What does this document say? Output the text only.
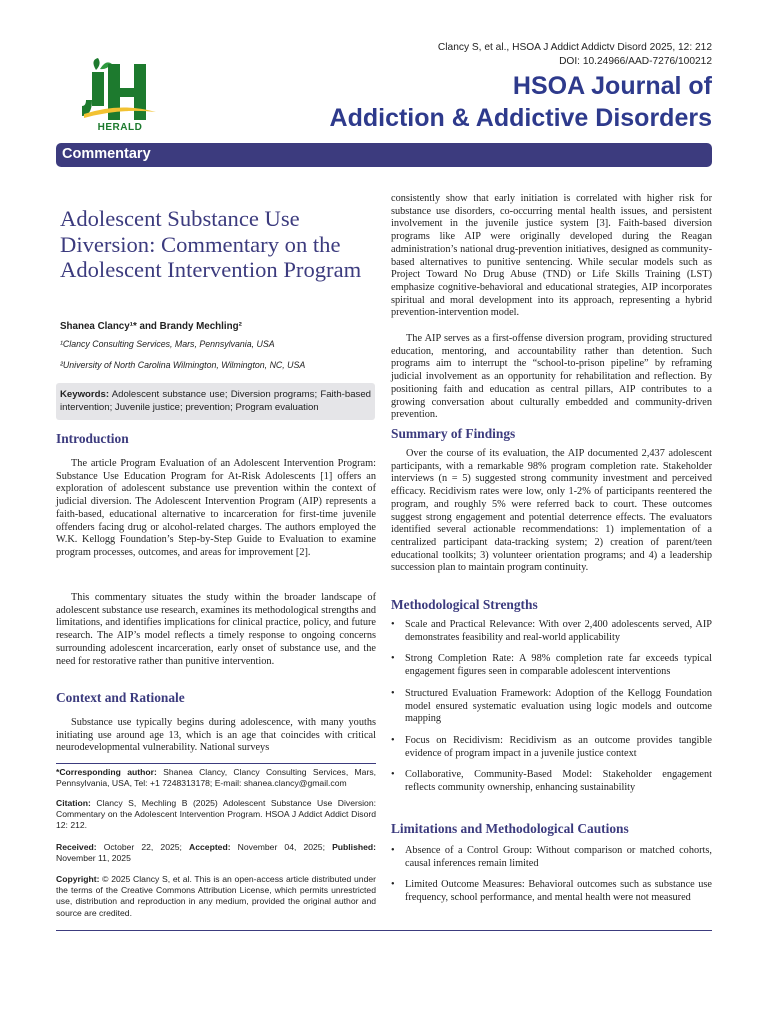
HERALD
Clancy S, et al., HSOA J Addict Addictv Disord 2025, 12: 212
DOI: 10.24966/AAD-7276/100212
HSOA Journal of
Addiction & Addictive Disorders
Commentary
Adolescent Substance Use Diversion: Commentary on the Adolescent Intervention Program
Shanea Clancy¹* and Brandy Mechling²
¹Clancy Consulting Services, Mars, Pennsylvania, USA
²University of North Carolina Wilmington, Wilmington, NC, USA
Keywords: Adolescent substance use; Diversion programs; Faith-based intervention; Juvenile justice; prevention; Program evaluation
Introduction

The article Program Evaluation of an Adolescent Intervention Program: Substance Use Education Program for At-Risk Adolescents [1] offers an exploration of adolescent substance use prevention within the context of judicial diversion. The Adolescent Intervention Program (AIP) represents a faith-based, educational alternative to incarceration for first-time juvenile offenders facing drug or alcohol-related charges. The authors employed the W.K. Kellogg Foundation’s Step-by-Step Guide to Evaluation to examine program processes, outcomes, and areas for improvement [2].

This commentary situates the study within the broader landscape of adolescent substance use research, examines its methodological strengths and limitations, and identifies implications for clinical practice, policy, and future research. The AIP’s model reflects a timely response to ongoing concerns surrounding adolescent incarceration, early onset of substance use, and the need for restorative rather than punitive intervention.

Context and Rationale

Substance use typically begins during adolescence, with many youths initiating use around age 13, which is an age that coincides with critical neurodevelopmental vulnerability. National surveys

*Corresponding author: Shanea Clancy, Clancy Consulting Services, Mars, Pennsylvania, USA, Tel: +1 7248313178; E-mail: shanea.clancy@gmail.com

Citation: Clancy S, Mechling B (2025) Adolescent Substance Use Diversion: Commentary on the Adolescent Intervention Program. HSOA J Addict Addict Disord 12: 212.

Received: October 22, 2025; Accepted: November 04, 2025; Published: November 11, 2025

Copyright: © 2025 Clancy S, et al. This is an open-access article distributed under the terms of the Creative Commons Attribution License, which permits unrestricted use, distribution and reproduction in any medium, provided the original author and source are credited.

consistently show that early initiation is correlated with higher risk for substance use disorders, co-occurring mental health issues, and persistent involvement in the juvenile justice system [3]. Faith-based diversion programs like AIP were originally developed during the Reagan administration’s national drug-prevention initiatives, designed as community-based alternatives to punitive sentencing. While secular models such as Project Toward No Drug Abuse (TND) or Life Skills Training (LST) emphasize cognitive-behavioral and educational strategies, AIP incorporates spiritual and moral development into its approach, representing a hybrid prevention-intervention model.

The AIP serves as a first-offense diversion program, providing structured education, mentoring, and accountability rather than detention. Such programs aim to interrupt the “school-to-prison pipeline” by reframing judicial involvement as an opportunity for rehabilitation and reflection. By positioning faith and education as central pillars, AIP contributes to a growing conversation about culturally embedded and community-driven prevention.

Summary of Findings

Over the course of its evaluation, the AIP documented 2,437 adolescent participants, with a remarkable 98% program completion rate. Stakeholder interviews (n = 5) suggested strong community investment and perceived efficacy. Recidivism rates were low, only 1-2% of participants reentered the program, and roughly 5% were referred back to court. These outcomes suggest strong engagement and potential deterrence effects. The evaluators identified several actionable recommendations: 1) implementation of a centralized participant data-tracking system; 2) creation of parent/teen educational toolkits; 3) volunteer orientation programs; and 4) a leadership succession plan to maintain program continuity.

Methodological Strengths
• Scale and Practical Relevance: With over 2,400 adolescents served, AIP demonstrates feasibility and real-world applicability
• Strong Completion Rate: A 98% completion rate far exceeds typical engagement figures seen in comparable adolescent interventions
• Structured Evaluation Framework: Adoption of the Kellogg Foundation model ensured systematic evaluation using logic models and outcome mapping
• Focus on Recidivism: Recidivism as an outcome provides tangible evidence of program impact in a juvenile justice context
• Collaborative, Community-Based Model: Stakeholder engagement reflects community ownership, enhancing sustainability
Limitations and Methodological Cautions
• Absence of a Control Group: Without comparison or matched cohorts, causal inferences remain limited
• Limited Outcome Measures: Behavioral outcomes such as substance use frequency, school performance, and mental health were not measured
